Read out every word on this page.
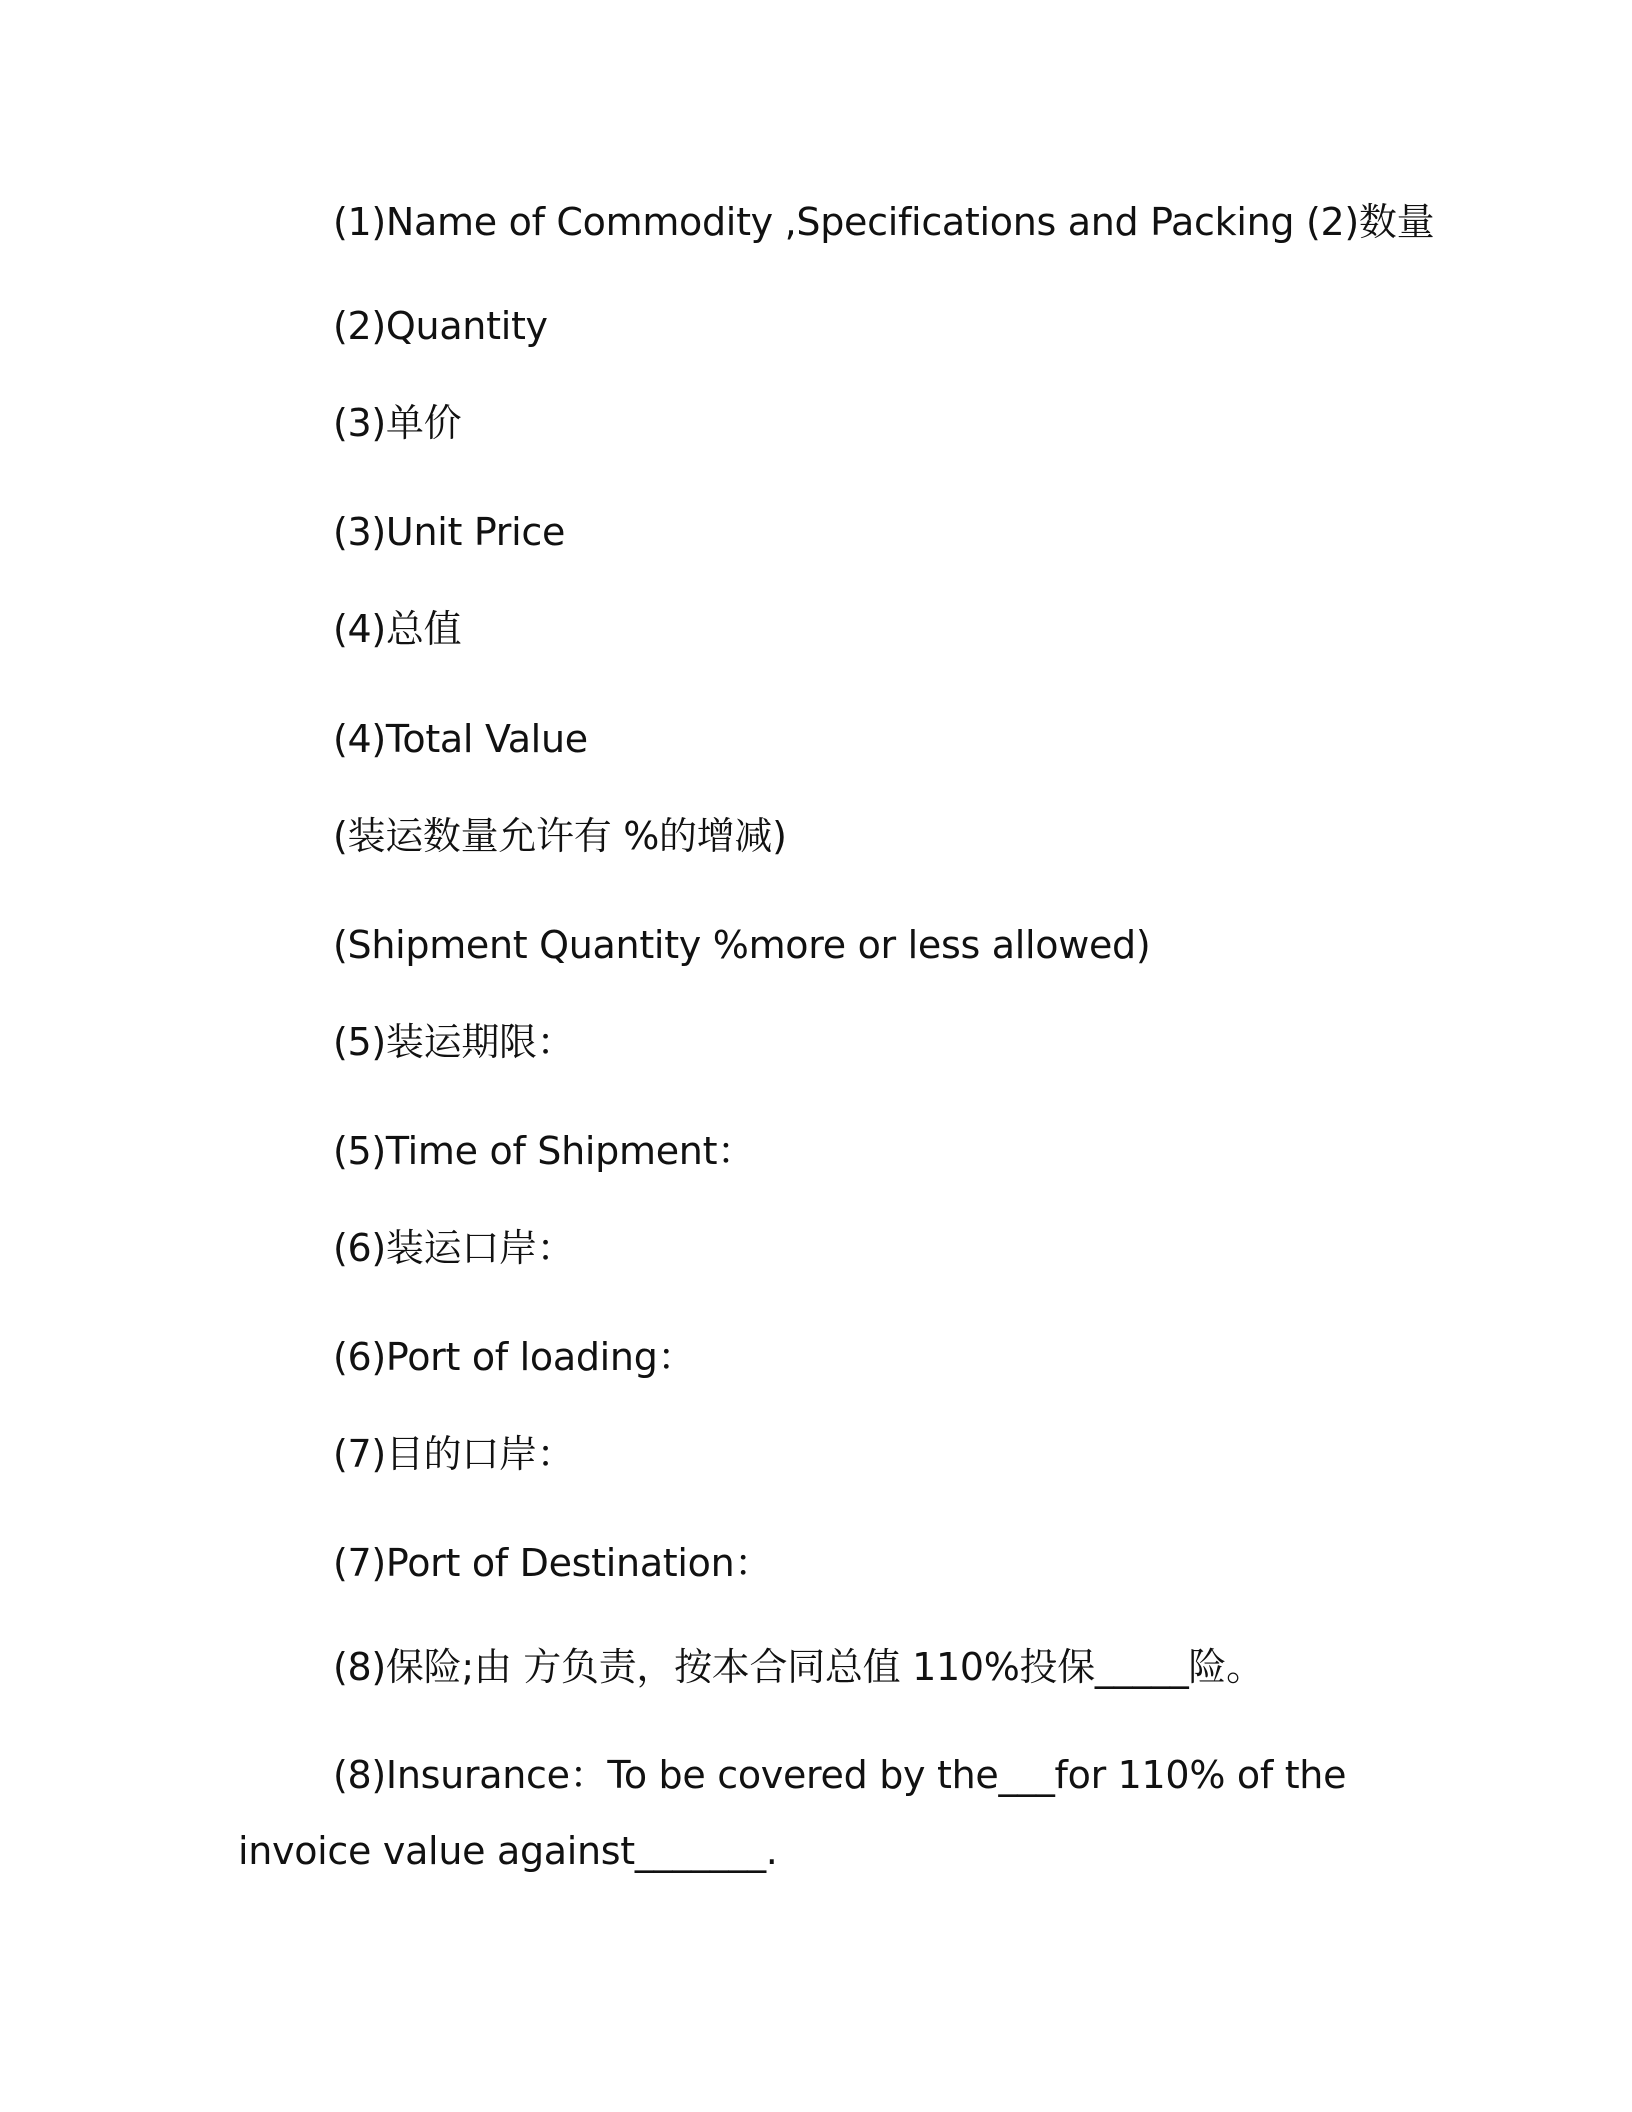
(1)Name of Commodity ,Specifications and Packing (2)数量
(2)Quantity
(3)单价
(3)Unit Price
(4)总值
(4)Total Value
(装运数量允许有 %的增减)
(Shipment Quantity %more or less allowed)
(5)装运期限：
(5)Time of Shipment：
(6)装运口岸：
(6)Port of loading：
(7)目的口岸：
(7)Port of Destination：
(8)保险;由 方负责，按本合同总值 110%投保_____险。
(8)Insurance：To be covered by the___for 110% of the
invoice value against_______.
